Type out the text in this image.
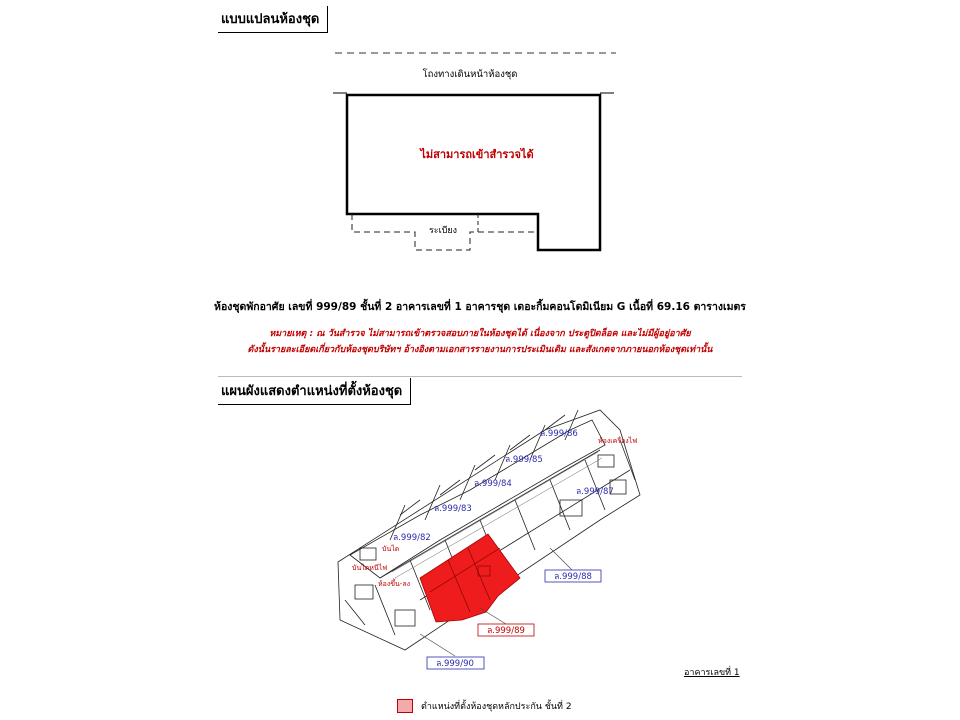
แบบแปลนห้องชุด
โถงทางเดินหน้าห้องชุด
ไม่สามารถเข้าสำรวจได้
ระเบียง
ห้องชุดพักอาศัย เลขที่ 999/89 ชั้นที่ 2 อาคารเลขที่ 1 อาคารชุด เดอะกิ้มคอนโดมิเนียม G เนื้อที่ 69.16 ตารางเมตร
หมายเหตุ : ณ วันสำรวจ ไม่สามารถเข้าตรวจสอบภายในห้องชุดได้ เนื่องจาก ประตูปิดล็อค และไม่มีผู้อยู่อาศัย
ดังนั้นรายละเอียดเกี่ยวกับห้องชุดบริษัทฯ อ้างอิงตามเอกสารรายงานการประเมินเดิม และสังเกตจากภายนอกห้องชุดเท่านั้น
แผนผังแสดงตำแหน่งที่ตั้งห้องชุด
ล.999/86
ล.999/85
ล.999/84
ล.999/83
ล.999/82
ล.999/87
ห้องเครื่องไฟ
บันได
บันไดหนีไฟ
ห้องขึ้น-ลง
ล.999/88
ล.999/89
ล.999/90
อาคารเลขที่ 1
ตำแหน่งที่ตั้งห้องชุดหลักประกัน ชั้นที่ 2
